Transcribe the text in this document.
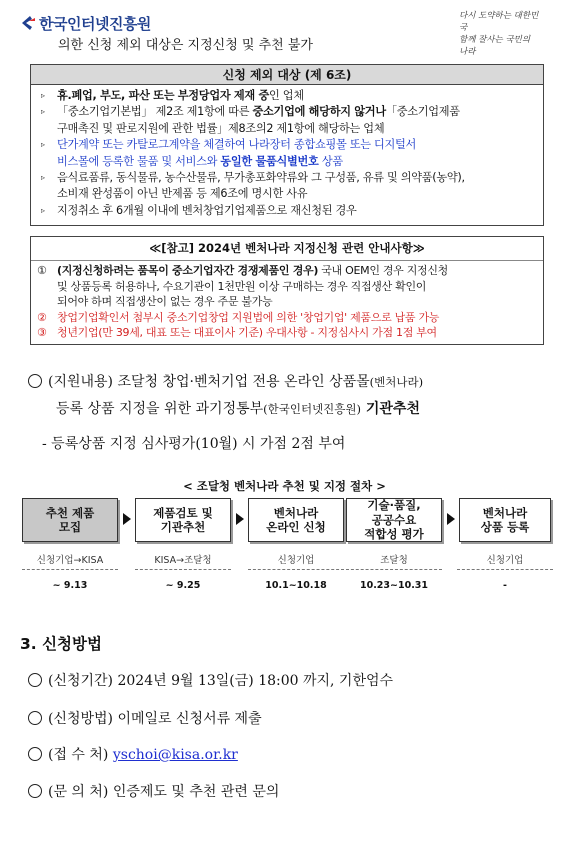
한국인터넷진흥원	다시 도약하는 대한민국
함께 잘사는 국민의 나라
의한 신청 제외 대상은 지정신청 및 추천 불가
신청 제외 대상 (제 6조)
▹ 휴.폐업, 부도, 파산 또는 부정당업자 제재 중인 업체
▹ 「중소기업기본법」 제2조 제1항에 따른 중소기업에 해당하지 않거나「중소기업제품
구매촉진 및 판로지원에 관한 법률」제8조의2 제1항에 해당하는 업체
▹ 단가계약 또는 카탈로그계약을 체결하여 나라장터 종합쇼핑몰 또는 디지털서
비스몰에 등록한 물품 및 서비스와 동일한 물품식별번호 상품
▹ 음식료품류, 동식물류, 농수산물류, 무가총포화약류와 그 구성품, 유류 및 의약품(농약),
소비재 완성품이 아닌 반제품 등 제6조에 명시한 사유
▹ 지정취소 후 6개월 이내에 벤처창업기업제품으로 재신청된 경우
≪[참고] 2024년 벤처나라 지정신청 관련 안내사항≫
① (지정신청하려는 품목이 중소기업자간 경쟁제품인 경우) 국내 OEM인 경우 지정신청
및 상품등록 허용하나, 수요기관이 1천만원 이상 구매하는 경우 직접생산 확인이
되어야 하며 직접생산이 없는 경우 주문 불가능
② 창업기업확인서 첨부시 중소기업창업 지원법에 의한 '창업기업' 제품으로 납품 가능
③ 청년기업(만 39세, 대표 또는 대표이사 기준) 우대사항 - 지정심사시 가점 1점 부여
(지원내용) 조달청 창업·벤처기업 전용 온라인 상품몰(벤처나라)
등록 상품 지정을 위한 과기정통부(한국인터넷진흥원) 기관추천
- 등록상품 지정 심사평가(10월) 시 가점 2점 부여
< 조달청 벤처나라 추천 및 지정 절차 >
추천 제품
모집
제품검토 및
기관추천
벤처나라
온라인 신청
기술·품질,
공공수요
적합성 평가
벤처나라
상품 등록
신청기업→KISA	KISA→조달청	신청기업	조달청	신청기업
~ 9.13	~ 9.25	10.1~10.18	10.23~10.31	-
3. 신청방법
(신청기간) 2024년 9월 13일(금) 18:00 까지, 기한엄수
(신청방법) 이메일로 신청서류 제출
(접 수 처) yschoi@kisa.or.kr
(문 의 처) 인증제도 및 추천 관련 문의
